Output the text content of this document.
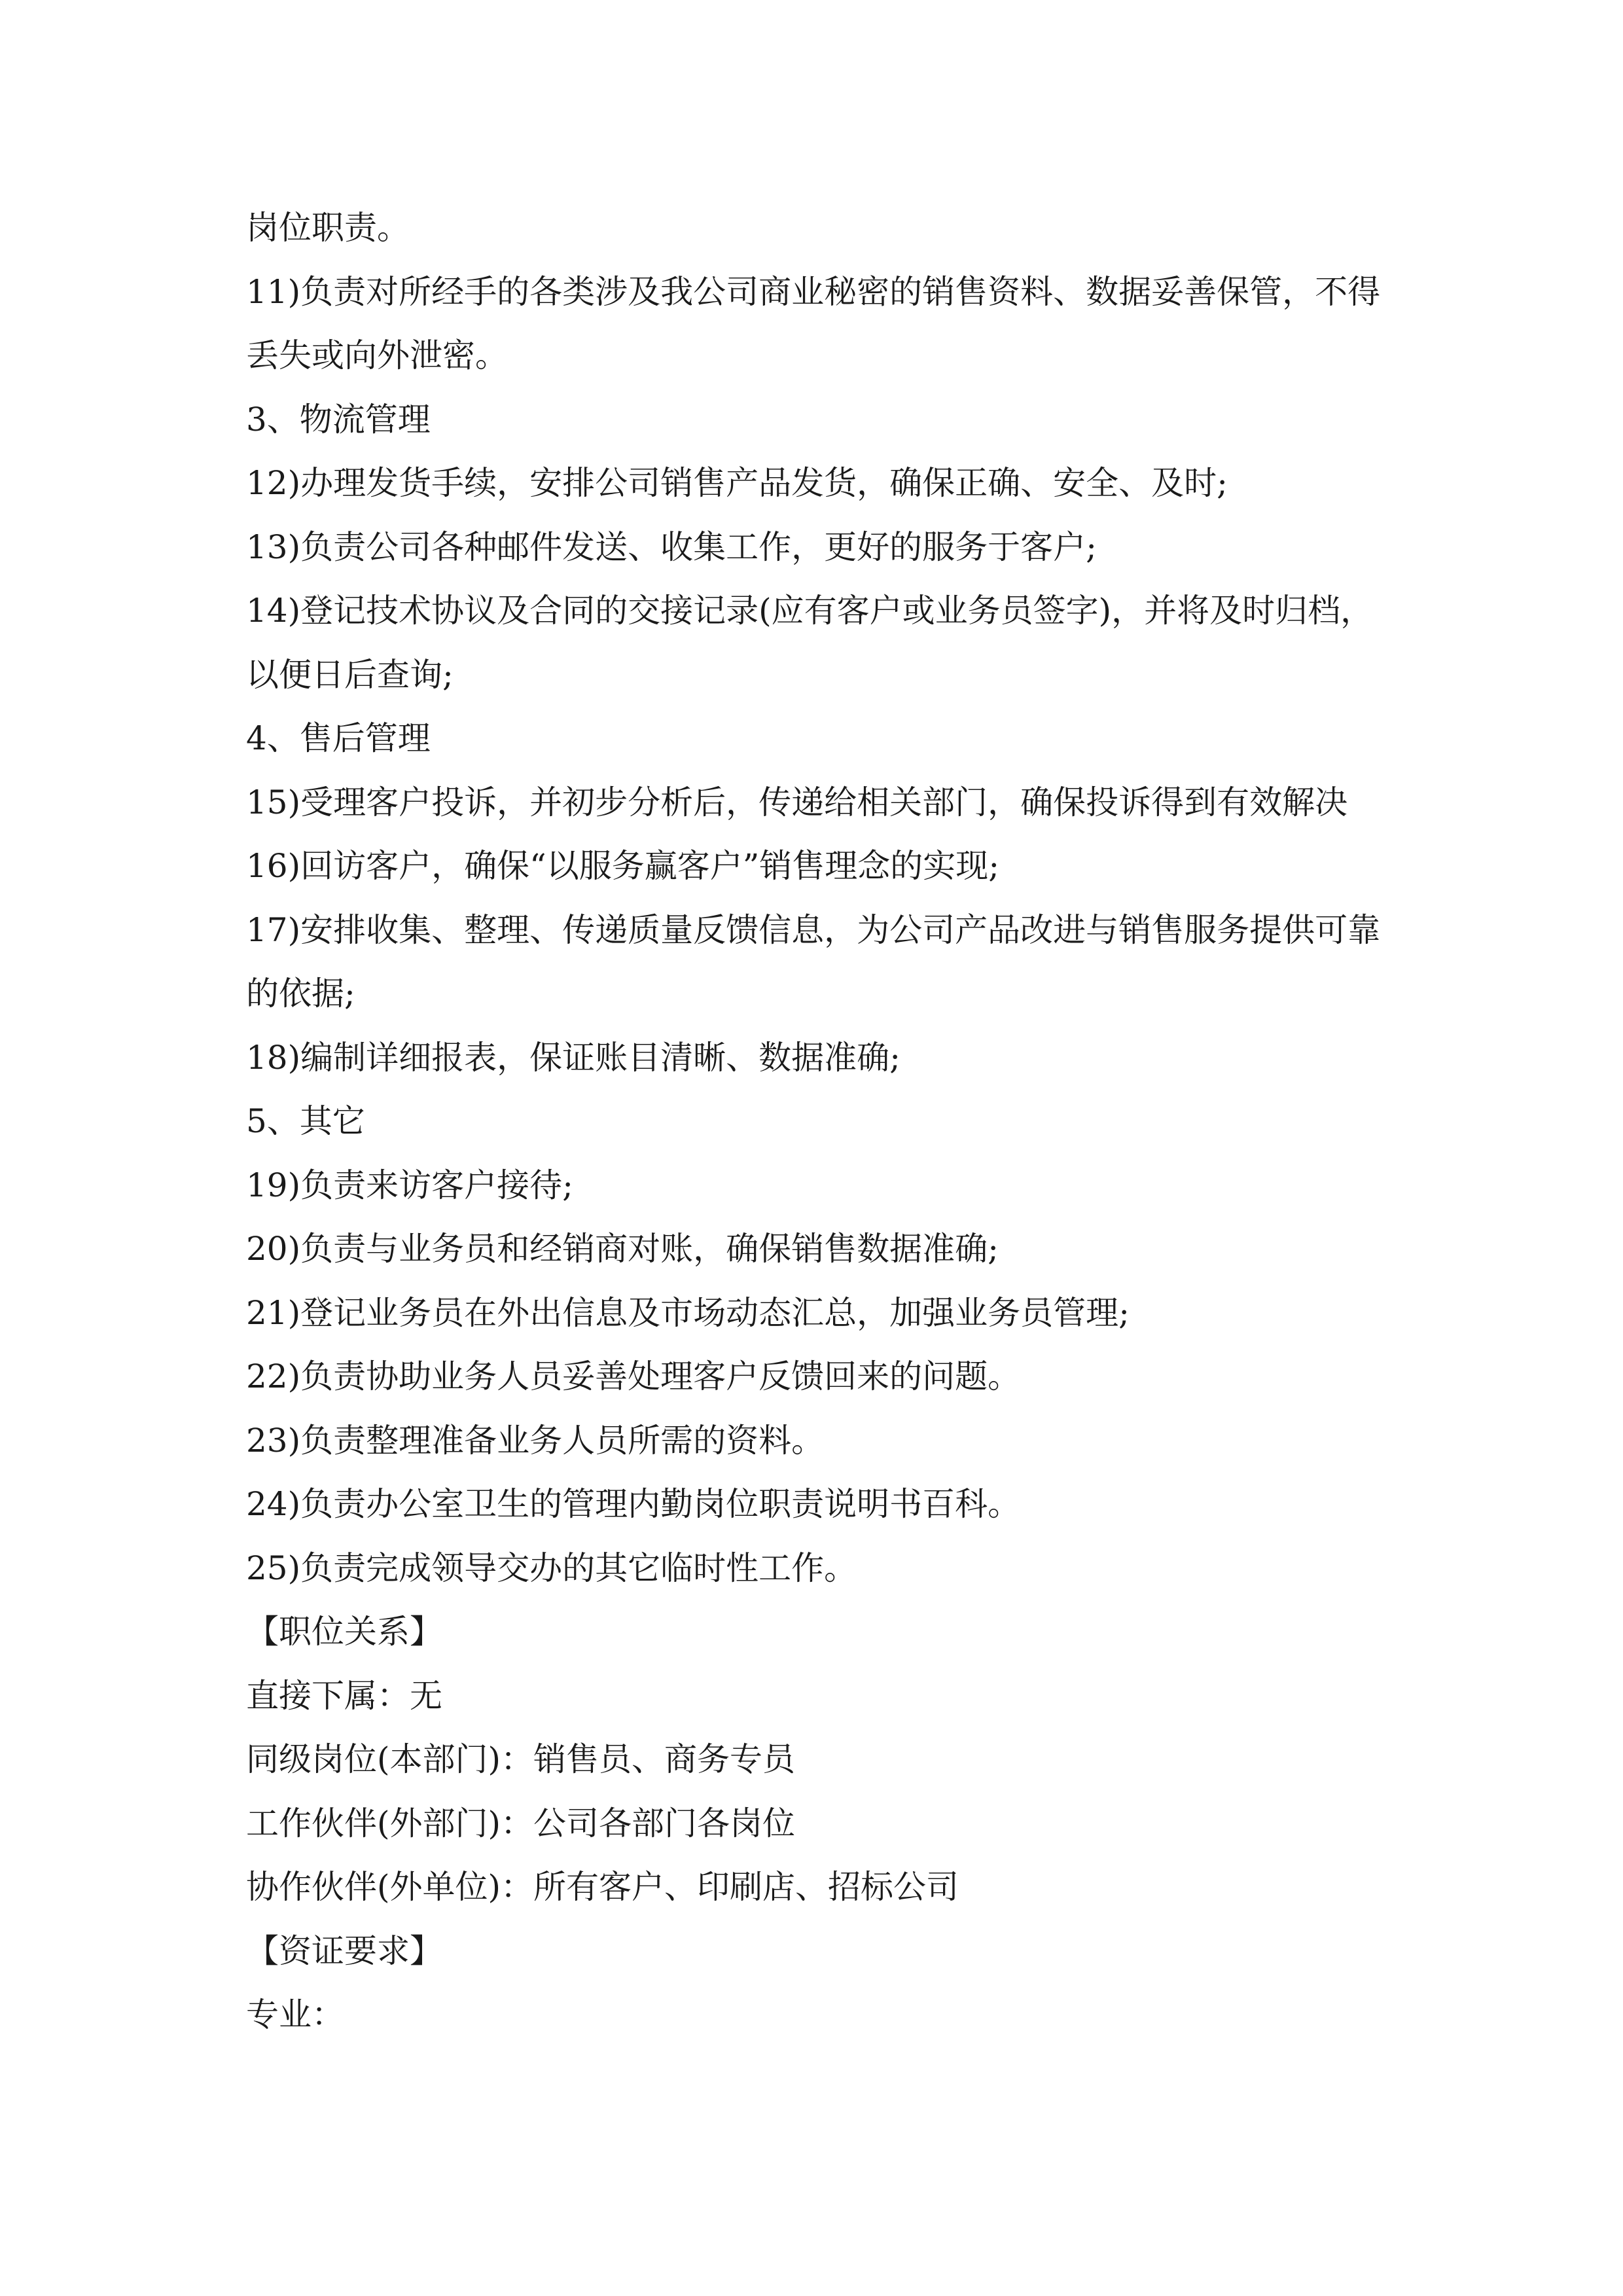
岗位职责。
11)负责对所经手的各类涉及我公司商业秘密的销售资料、数据妥善保管，不得
丢失或向外泄密。
3、物流管理
12)办理发货手续，安排公司销售产品发货，确保正确、安全、及时;
13)负责公司各种邮件发送、收集工作，更好的服务于客户;
14)登记技术协议及合同的交接记录(应有客户或业务员签字)，并将及时归档，
以便日后查询;
4、售后管理
15)受理客户投诉，并初步分析后，传递给相关部门，确保投诉得到有效解决
16)回访客户，确保“以服务赢客户”销售理念的实现;
17)安排收集、整理、传递质量反馈信息，为公司产品改进与销售服务提供可靠
的依据;
18)编制详细报表，保证账目清晰、数据准确;
5、其它
19)负责来访客户接待;
20)负责与业务员和经销商对账，确保销售数据准确;
21)登记业务员在外出信息及市场动态汇总，加强业务员管理;
22)负责协助业务人员妥善处理客户反馈回来的问题。
23)负责整理准备业务人员所需的资料。
24)负责办公室卫生的管理内勤岗位职责说明书百科。
25)负责完成领导交办的其它临时性工作。
【职位关系】
直接下属：无
同级岗位(本部门)：销售员、商务专员
工作伙伴(外部门)：公司各部门各岗位
协作伙伴(外单位)：所有客户、印刷店、招标公司
【资证要求】
专业：
